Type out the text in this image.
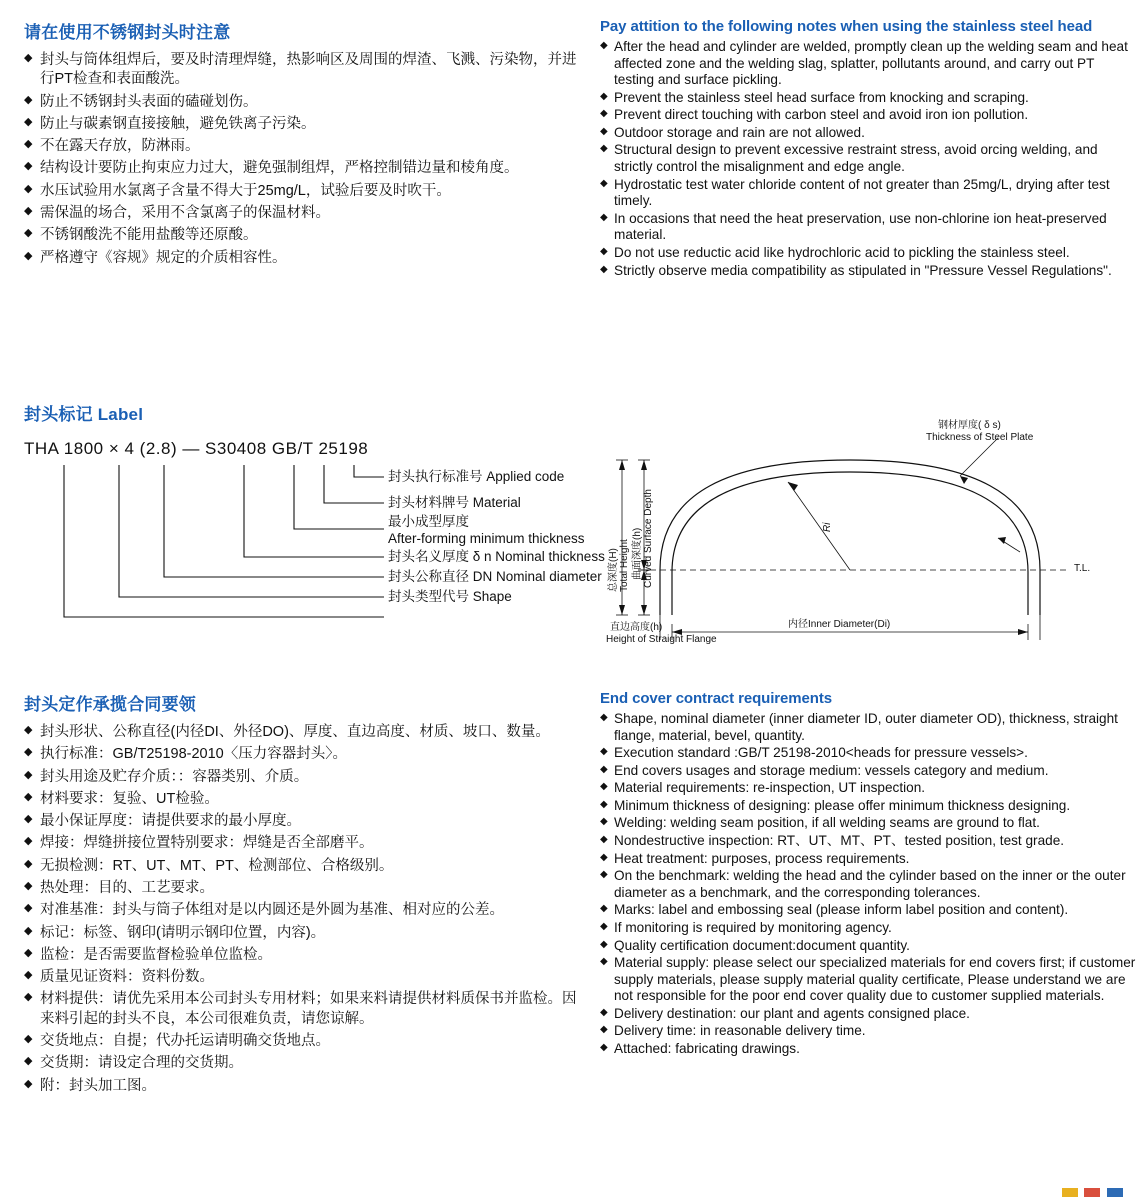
请在使用不锈钢封头时注意
◆ 封头与筒体组焊后，要及时清理焊缝，热影响区及周围的焊渣、飞溅、污染物，并进行PT检查和表面酸洗。
◆ 防止不锈钢封头表面的磕碰划伤。
◆ 防止与碳素钢直接接触，避免铁离子污染。
◆ 不在露天存放，防淋雨。
◆ 结构设计要防止拘束应力过大，避免强制组焊，严格控制错边量和棱角度。
◆ 水压试验用水氯离子含量不得大于25mg/L，试验后要及时吹干。
◆ 需保温的场合，采用不含氯离子的保温材料。
◆ 不锈钢酸洗不能用盐酸等还原酸。
◆ 严格遵守《容规》规定的介质相容性。
Pay attition to the following notes when using the stainless steel head
◆ After the head and cylinder are welded, promptly clean up the welding seam and heat affected zone and the welding slag, splatter, pollutants around, and carry out PT testing and surface pickling.
◆ Prevent the stainless steel head surface from knocking and scraping.
◆ Prevent direct touching with carbon steel and avoid iron ion pollution.
◆ Outdoor storage and rain are not allowed.
◆ Structural design to prevent excessive restraint stress, avoid orcing welding, and strictly control the misalignment and edge angle.
◆ Hydrostatic test water chloride content of not greater than 25mg/L, drying after test timely.
◆ In occasions that need the heat preservation, use non-chlorine ion heat-preserved material.
◆ Do not use reductic acid like hydrochloric acid to pickling the stainless steel.
◆ Strictly observe media compatibility as stipulated in "Pressure Vessel Regulations".
封头标记 Label
THA 1800 × 4 (2.8) — S30408 GB/T 25198
封头执行标准号 Applied code
封头材料牌号 Material
最小成型厚度
After-forming minimum thickness
封头名义厚度 δ n Nominal thickness
封头公称直径 DN Nominal diameter
封头类型代号 Shape
钢材厚度( δ s)
Thickness of Steel Plate
总深度(H) Total Height 曲面深度(h) Curved Surface Depth
直边高度(h)
Height of Straight Flange
内径Inner Diameter(Di)
Ri
T.L.
封头定作承揽合同要领
◆ 封头形状、公称直径(内径DI、外径DO)、厚度、直边高度、材质、坡口、数量。
◆ 执行标准：GB/T25198-2010〈压力容器封头〉。
◆ 封头用途及贮存介质：：容器类别、介质。
◆ 材料要求：复验、UT检验。
◆ 最小保证厚度：请提供要求的最小厚度。
◆ 焊接：焊缝拼接位置特别要求：焊缝是否全部磨平。
◆ 无损检测：RT、UT、MT、PT、检测部位、合格级别。
◆ 热处理：目的、工艺要求。
◆ 对准基准：封头与筒子体组对是以内圆还是外圆为基准、相对应的公差。
◆ 标记：标签、钢印(请明示钢印位置，内容)。
◆ 监检：是否需要监督检验单位监检。
◆ 质量见证资料：资料份数。
◆ 材料提供：请优先采用本公司封头专用材料；如果来料请提供材料质保书并监检。因来料引起的封头不良，本公司很难负责，请您谅解。
◆ 交货地点：自提；代办托运请明确交货地点。
◆ 交货期：请设定合理的交货期。
◆ 附：封头加工图。
End cover contract requirements
◆ Shape, nominal diameter (inner diameter ID, outer diameter OD), thickness, straight flange, material, bevel, quantity.
◆ Execution standard :GB/T 25198-2010<heads for pressure vessels>.
◆ End covers usages and storage medium: vessels category and medium.
◆ Material requirements: re-inspection, UT inspection.
◆ Minimum thickness of designing: please offer minimum thickness designing.
◆ Welding: welding seam position, if all welding seams are ground to flat.
◆ Nondestructive inspection: RT、UT、MT、PT、tested position, test grade.
◆ Heat treatment: purposes, process requirements.
◆ On the benchmark: welding the head and the cylinder based on the inner or the outer diameter as a benchmark, and the corresponding tolerances.
◆ Marks: label and embossing seal (please inform label position and content).
◆ If monitoring is required by monitoring agency.
◆ Quality certification document:document quantity.
◆ Material supply: please select our specialized materials for end covers first; if customer supply materials, please supply material quality certificate, Please understand we are not responsible for the poor end cover quality due to customer supplied materials.
◆ Delivery destination: our plant and agents consigned place.
◆ Delivery time: in reasonable delivery time.
◆ Attached: fabricating drawings.
